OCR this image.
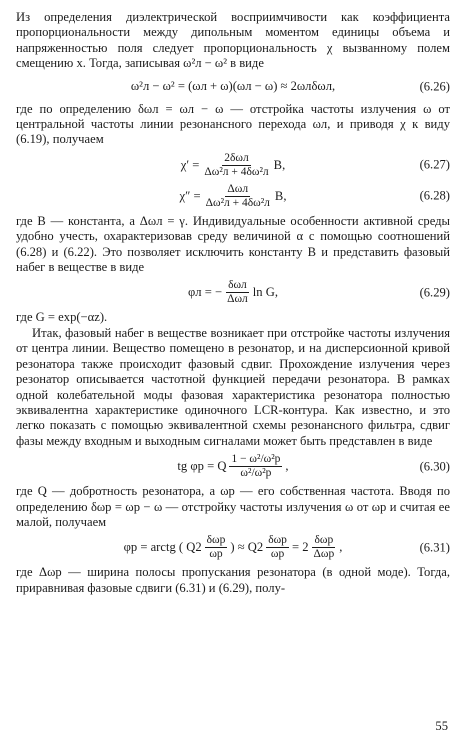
Из определения диэлектрической восприимчивости как коэффициента пропорциональности между дипольным моментом единицы объема и напряженностью поля следует пропорциональность χ вызванному полем смещению x. Тогда, записывая ω²л − ω² в виде

ω²л − ω² = (ωл + ω)(ωл − ω) ≈ 2ωлδωл,	(6.26)

где по определению δωл = ωл − ω — отстройка частоты излучения ω от центральной частоты линии резонансного перехода ωл, и приводя χ к виду (6.19), получаем

$\chi' = \frac{\text{2δωл}}{\text{Δω²л + 4δω²л}} B$,	(6.27)
$\chi'' = \frac{\text{Δωл}}{\text{Δω²л + 4δω²л}} B$,	(6.28)

где B — константа, а Δωл = γ. Индивидуальные особенности активной среды удобно учесть, охарактеризовав среду величиной α с помощью соотношений (6.28) и (6.22). Это позволяет исключить константу B и представить фазовый набег в веществе в виде

φл = − $\frac{\text{δωл}}{\text{Δωл}}$ ln G,	(6.29)

где G = exp(−αz).

Итак, фазовый набег в веществе возникает при отстройке частоты излучения от центра линии. Вещество помещено в резонатор, и на дисперсионной кривой резонатора также происходит фазовый сдвиг. Прохождение излучения через резонатор описывается частотной функцией передачи резонатора. В рамках одной колебательной моды фазовая характеристика резонатора полностью эквивалентна характеристике одиночного LCR-контура. Как известно, и это легко показать с помощью эквивалентной схемы резонансного фильтра, сдвиг фазы между входным и выходным сигналами может быть представлен в виде

tg φр = Q $\frac{\text{1 − ω²/ω²р}}{\text{ω²/ω²р}}$ ,	(6.30)

где Q — добротность резонатора, а ωр — его собственная частота. Вводя по определению δωр = ωр − ω — отстройку частоты излучения ω от ωр и считая ее малой, получаем

φр = arctg ( $Q2 \frac{\text{δωр}}{\omega р}$ ) ≈ $Q2 \frac{\text{δωр}}{\omega р} = 2 \frac{\text{δωр}}{\text{Δωр}}$ ,	(6.31)

где Δωр — ширина полосы пропускания резонатора (в одной моде). Тогда, приравнивая фазовые сдвиги (6.31) и (6.29), полу-

55
